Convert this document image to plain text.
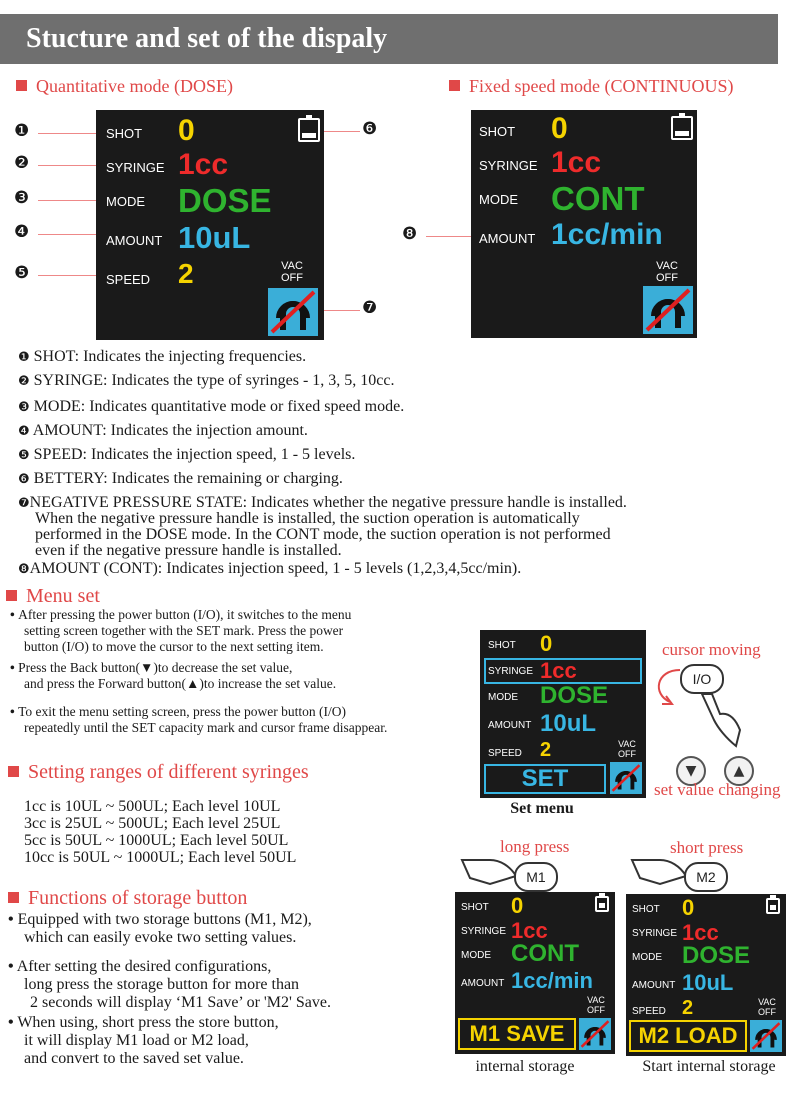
Stucture and set of the dispaly
Quantitative mode (DOSE)	Fixed speed mode (CONTINUOUS)
❶
❷
❸
❹
❺
❻
❼
❽
SHOT 0
SYRINGE 1cc
MODE DOSE
AMOUNT 10uL
SPEED 2	VAC
OFF
SHOT 0
SYRINGE 1cc
MODE CONT
AMOUNT 1cc/min
VAC
OFF
❶ SHOT: Indicates the injecting frequencies.
❷ SYRINGE: Indicates the type of syringes - 1, 3, 5, 10cc.
❸ MODE: Indicates quantitative mode or fixed speed mode.
❹ AMOUNT: Indicates the injection amount.
❺ SPEED: Indicates the injection speed, 1 - 5 levels.
❻ BETTERY: Indicates the remaining or charging.
❼NEGATIVE PRESSURE STATE: Indicates whether the negative pressure handle is installed.
When the negative pressure handle is installed, the suction operation is automatically
performed in the DOSE mode. In the CONT mode, the suction operation is not performed
even if the negative pressure handle is installed.
❽AMOUNT (CONT): Indicates injection speed, 1 - 5 levels (1,2,3,4,5cc/min).
Menu set
• After pressing the power button (I/O), it switches to the menu
setting screen together with the SET mark. Press the power
button (I/O) to move the cursor to the next setting item.
• Press the Back button(▼)to decrease the set value,
and press the Forward button(▲)to increase the set value.
• To exit the menu setting screen, press the power button (I/O)
repeatedly until the SET capacity mark and cursor frame disappear.
SHOT 0
SYRINGE 1cc
MODE DOSE
AMOUNT 10uL
SPEED 2
SET
VAC
OFF
Set menu
cursor moving
I/O
▼	▲
set value changing
Setting ranges of different syringes
1cc is 10UL ~ 500UL; Each level 10UL
3cc is 25UL ~ 500UL; Each level 25UL
5cc is 50UL ~ 1000UL; Each level 50UL
10cc is 50UL ~ 1000UL; Each level 50UL
Functions of storage button
• Equipped with two storage buttons (M1, M2),
which can easily evoke two setting values.
• After setting the desired configurations,
long press the storage button for more than
2 seconds will display ‘M1 Save’ or 'M2' Save.
• When using, short press the store button,
it will display M1 load or M2 load,
and convert to the saved set value.
long press
M1
SHOT 0
SYRINGE 1cc
MODE CONT
AMOUNT 1cc/min
VAC
OFF
M1 SAVE
internal storage
short press
M2
SHOT 0
SYRINGE 1cc
MODE DOSE
AMOUNT 10uL
SPEED 2	VAC
OFF
M2 LOAD
Start internal storage
